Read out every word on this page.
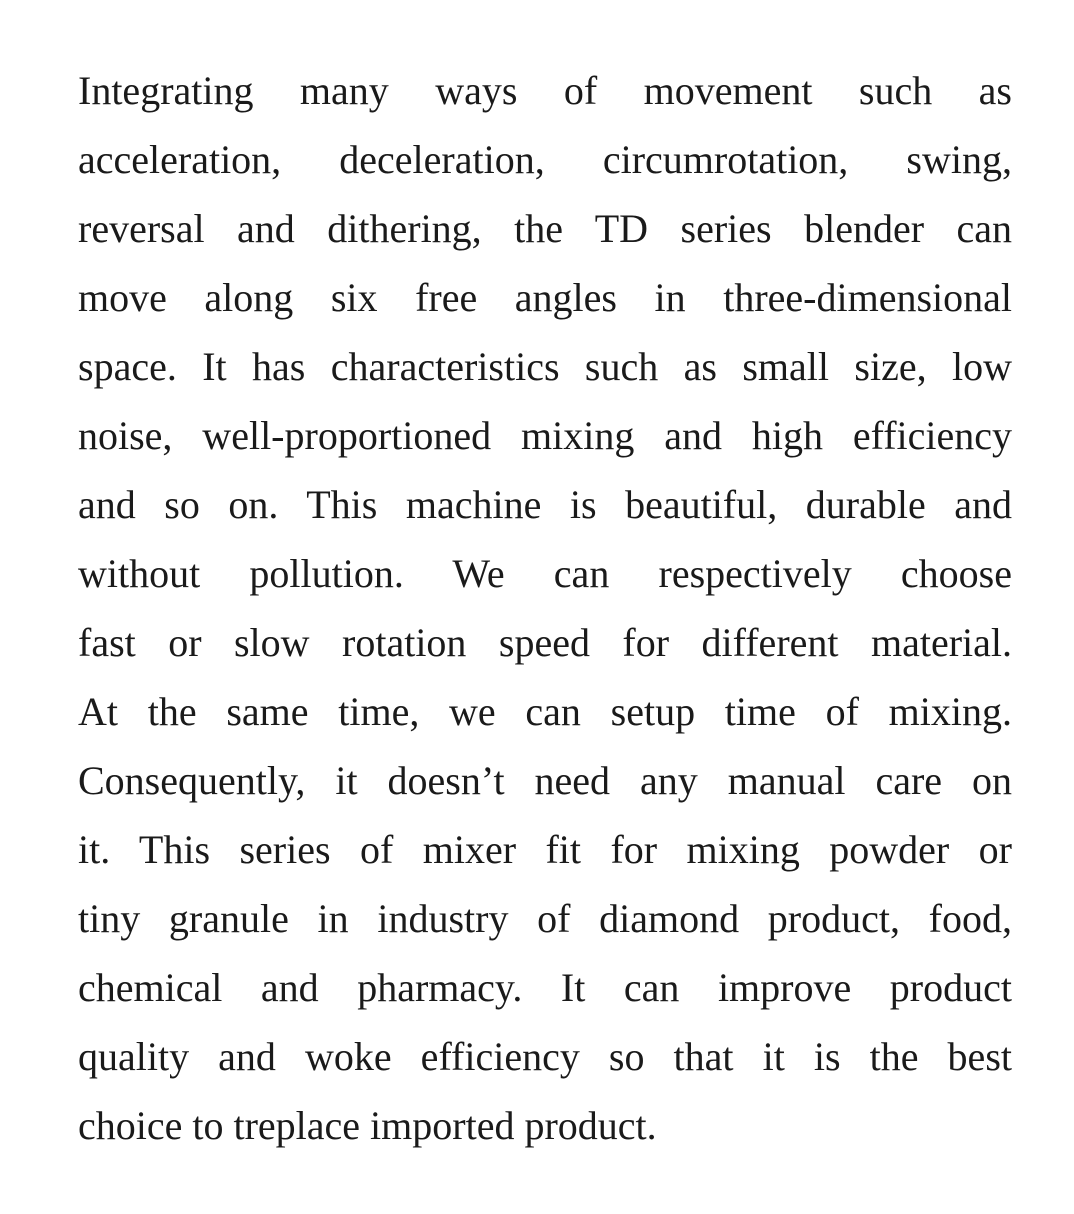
Integrating many ways of movement such as
acceleration, deceleration, circumrotation, swing,
reversal and dithering, the TD series blender can
move along six free angles in three-dimensional
space. It has characteristics such as small size, low
noise, well-proportioned mixing and high efficiency
and so on. This machine is beautiful, durable and
without pollution. We can respectively choose
fast or slow rotation speed for different material.
At the same time, we can setup time of mixing.
Consequently, it doesn’t need any manual care on
it. This series of mixer fit for mixing powder or
tiny granule in industry of diamond product, food,
chemical and pharmacy. It can improve product
quality and woke efficiency so that it is the best
choice to treplace imported product.
